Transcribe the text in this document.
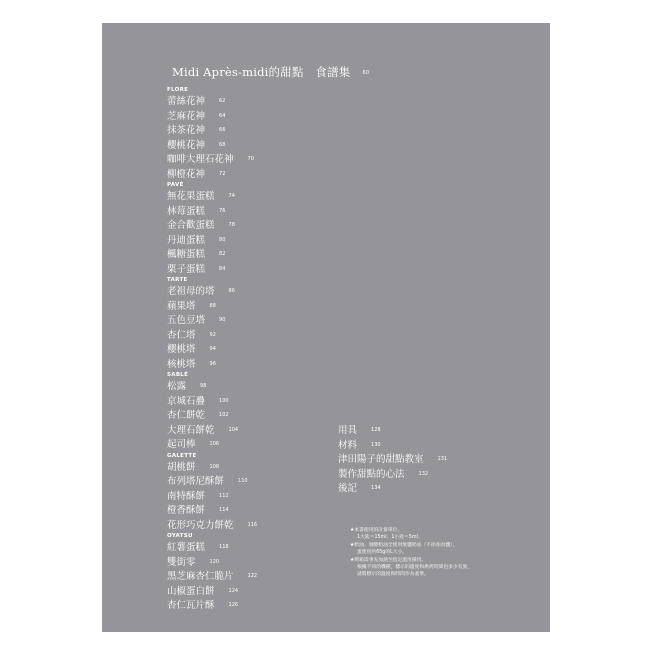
Midi Après-midi的甜點　食譜集 60
FLORE
蕾絲花神	62
芝麻花神	64
抹茶花神	66
櫻桃花神	68
咖啡大理石花神	70
柳橙花神	72
PAVÉ
無花果蛋糕	74
林莓蛋糕	76
金合歡蛋糕	78
丹迪蛋糕	80
楓糖蛋糕	82
栗子蛋糕	84
TARTE
老祖母的塔	86
蘋果塔	88
五色豆塔	90
杏仁塔	92
櫻桃塔	94
核桃塔	96
SABLÉ
松露	98
京城石疊	100
杏仁餅乾	102
大理石餅乾	104
起司棒	106
GALETTE
胡桃餅	108
布列塔尼酥餅	110
南特酥餅	112
橙香酥餅	114
花形巧克力餅乾	116
OYATSU
紅薯蛋糕	118
雙街零	120
黑芝麻杏仁脆片	122
山椒蛋白餅	124
杏仁瓦片酥	126
用具	128
材料	130
津田陽子的甜點教室	131
製作甜點的心法	132
後記	134
★本書使用的計量單位，
1大匙＝15ml、1小匙＝5ml。
★奶油、發酵奶油全使用無鹽奶油（不添加食鹽），
蛋使用約65g的L大小。
★烤箱需事先加熱至指定溫度備用。
根據不同的機種，標示的溫度和烘烤時間也多少有異，
請將標示的溫度和時間作為基準。
